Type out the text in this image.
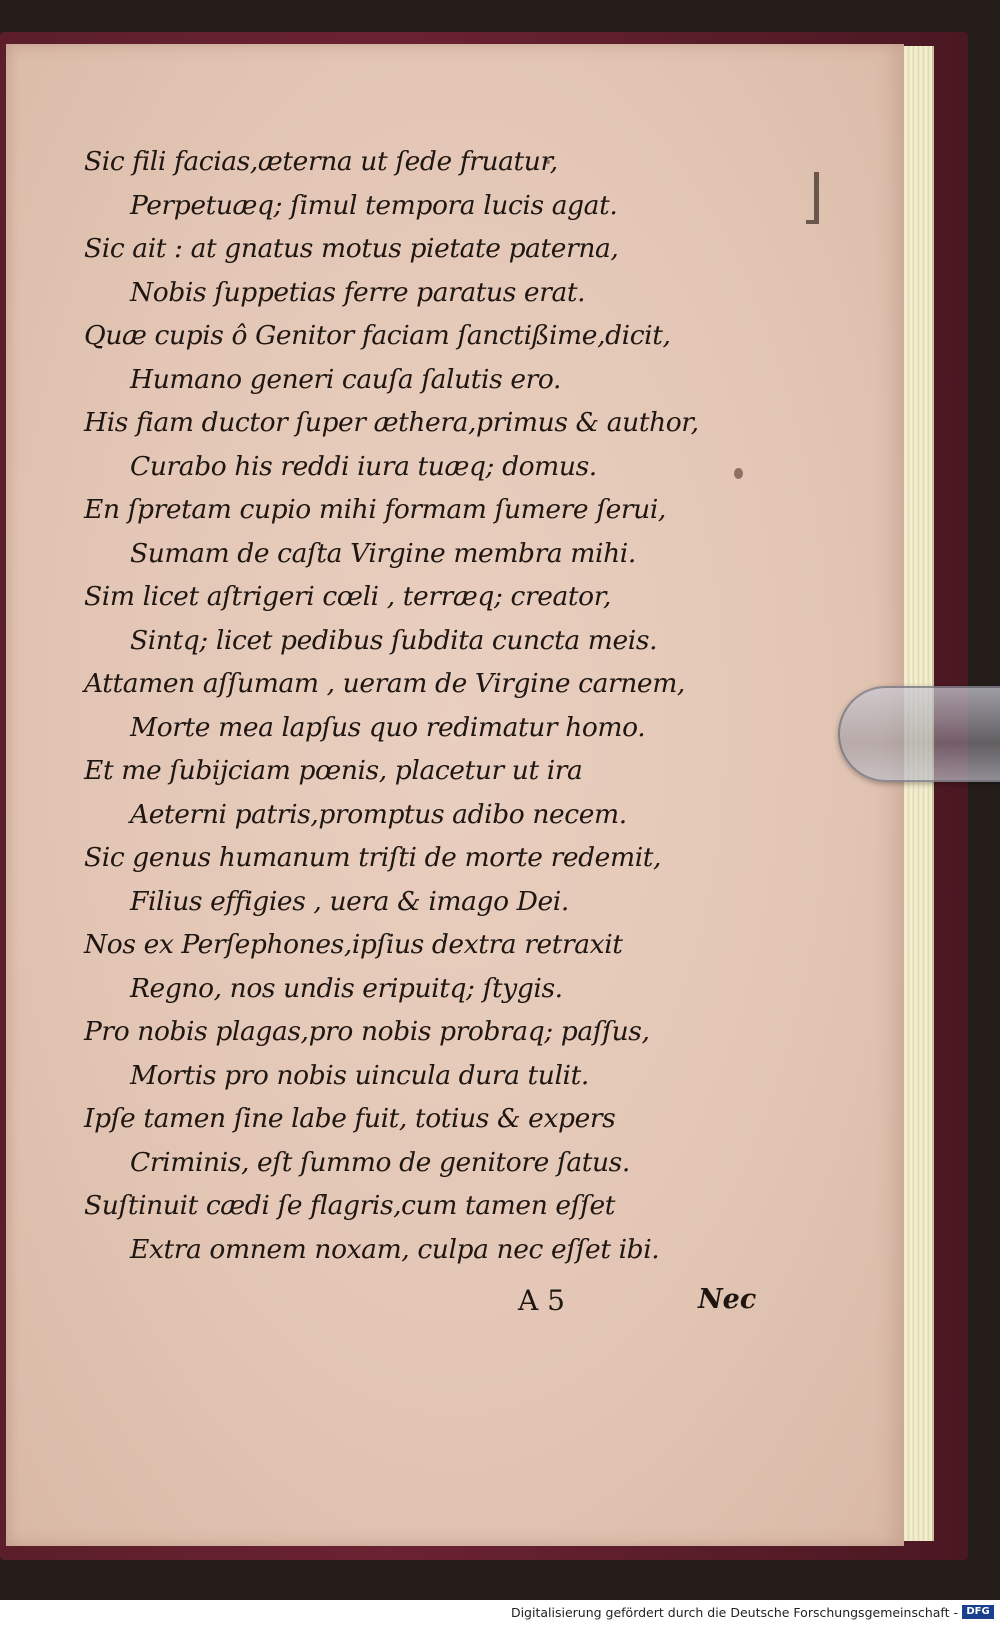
Sic fili facias,æterna ut ſede fruatur,
Perpetuæq; ſimul tempora lucis agat.
Sic ait : at gnatus motus pietate paterna,
Nobis ſuppetias ferre paratus erat.
Quæ cupis ô Genitor faciam ſanctißime,dicit,
Humano generi cauſa ſalutis ero.
His fiam ductor ſuper æthera,primus & author,
Curabo his reddi iura tuæq; domus.
En ſpretam cupio mihi formam ſumere ſerui,
Sumam de caſta Virgine membra mihi.
Sim licet aſtrigeri cœli , terræq; creator,
Sintq; licet pedibus ſubdita cuncta meis.
Attamen aſſumam , ueram de Virgine carnem,
Morte mea lapſus quo redimatur homo.
Et me ſubijciam pœnis, placetur ut ira
Aeterni patris,promptus adibo necem.
Sic genus humanum triſti de morte redemit,
Filius effigies , uera & imago Dei.
Nos ex Perſephones,ipſius dextra retraxit
Regno, nos undis eripuitq; ſtygis.
Pro nobis plagas,pro nobis probraq; paſſus,
Mortis pro nobis uincula dura tulit.
Ipſe tamen ſine labe fuit, totius & expers
Criminis, eſt ſummo de genitore ſatus.
Suſtinuit cædi ſe flagris,cum tamen eſſet
Extra omnem noxam, culpa nec eſſet ibi.
A 5	Nec
Digitalisierung gefördert durch die Deutsche Forschungsgemeinschaft - DFG
